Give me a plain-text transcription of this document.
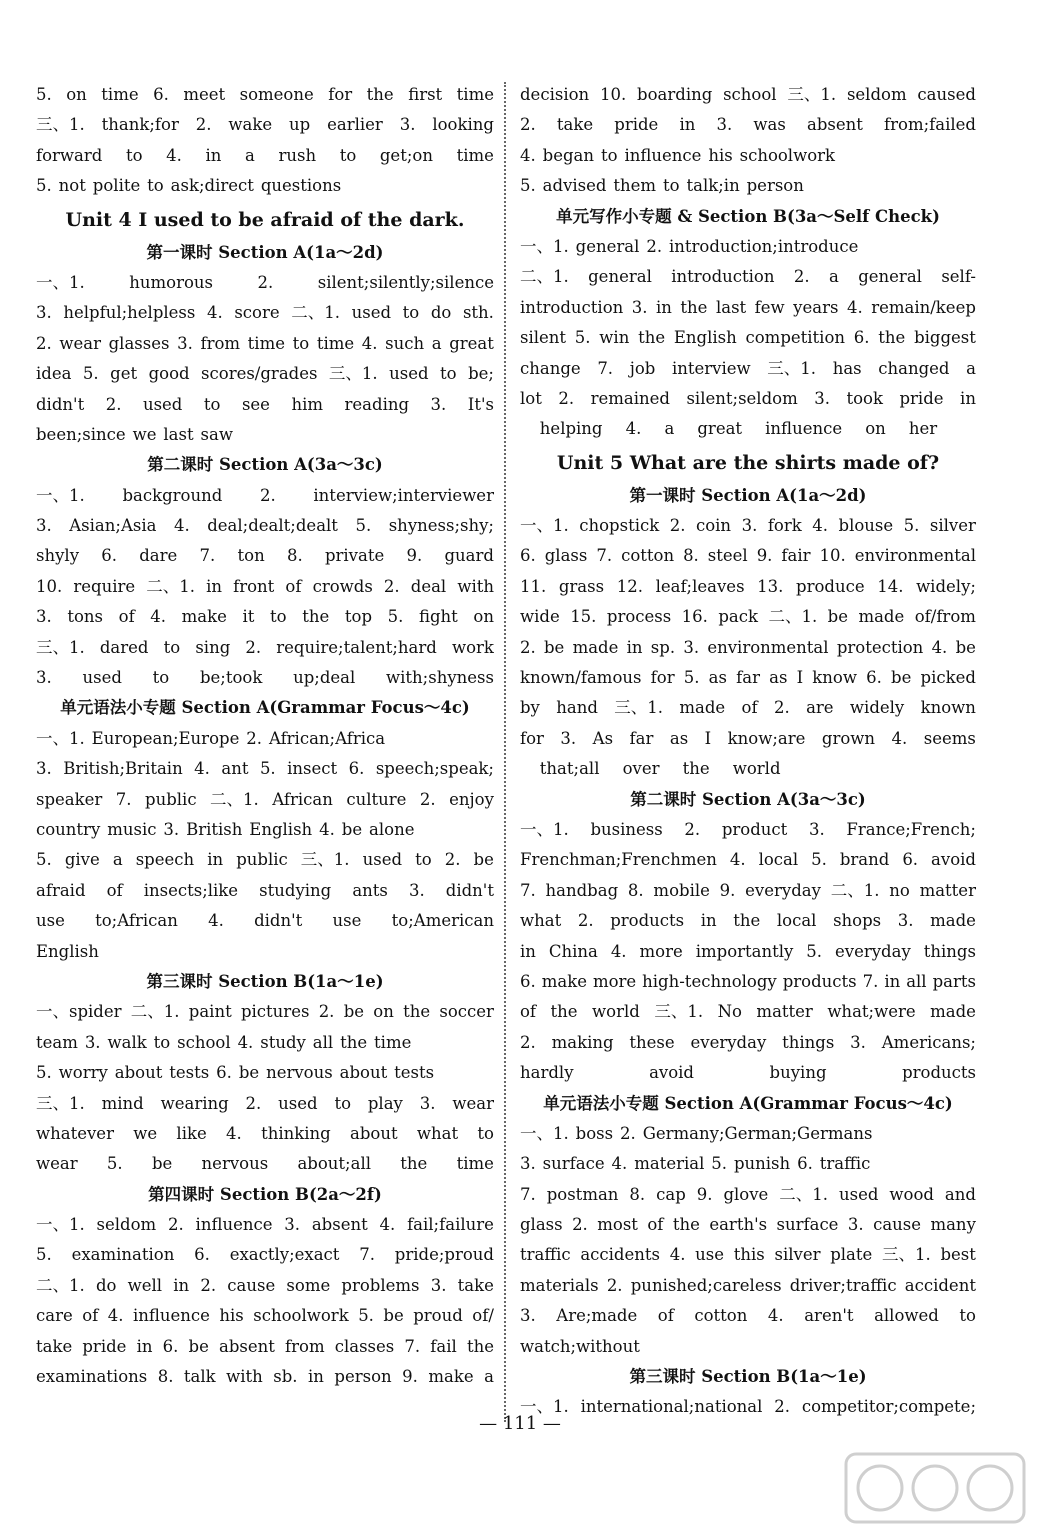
5. on time 6. meet someone for the first time
三、1. thank;for 2. wake up earlier 3. looking
forward to 4. in a rush to get;on time
5. not polite to ask;direct questions
Unit 4 I used to be afraid of the dark.
第一课时 Section A(1a～2d)
一、1.	humorous	2.	silent;silently;silence
3. helpful;helpless 4. score 二、1. used to do sth.
2. wear glasses 3. from time to time 4. such a great
idea 5. get good scores/grades 三、1. used to be;
didn't 2. used to see him reading 3. It's
been;since we last saw
第二课时 Section A(3a～3c)
一、1. background 2. interview;interviewer
3. Asian;Asia 4. deal;dealt;dealt 5. shyness;shy;
shyly 6. dare 7. ton 8. private 9. guard
10. require 二、1. in front of crowds 2. deal with
3. tons of 4. make it to the top 5. fight on
三、1. dared to sing 2. require;talent;hard work
3. used to be;took up;deal with;shyness
单元语法小专题 Section A(Grammar Focus～4c)
一、1. European;Europe 2. African;Africa
3. British;Britain 4. ant 5. insect 6. speech;speak;
speaker 7. public 二、1. African culture 2. enjoy
country music 3. British English 4. be alone
5. give a speech in public 三、1. used to 2. be
afraid of insects;like studying ants 3. didn't
use to;African 4. didn't use to;American
English
第三课时 Section B(1a～1e)
一、spider 二、1. paint pictures 2. be on the soccer
team 3. walk to school 4. study all the time
5. worry about tests 6. be nervous about tests
三、1. mind wearing 2. used to play 3. wear
whatever we like 4. thinking about what to
wear 5. be nervous about;all the time
第四课时 Section B(2a～2f)
一、1. seldom 2. influence 3. absent 4. fail;failure
5. examination 6. exactly;exact 7. pride;proud
二、1. do well in 2. cause some problems 3. take
care of 4. influence his schoolwork 5. be proud of/
take pride in 6. be absent from classes 7. fail the
examinations 8. talk with sb. in person 9. make a
decision 10. boarding school 三、1. seldom caused
2. take pride in 3. was absent from;failed
4. began to influence his schoolwork
5. advised them to talk;in person
单元写作小专题 & Section B(3a～Self Check)
一、1. general 2. introduction;introduce
二、1. general introduction 2. a general self-
introduction 3. in the last few years 4. remain/keep
silent 5. win the English competition 6. the biggest
change 7. job interview 三、1. has changed a
lot 2. remained silent;seldom 3. took pride in
helping 4. a great influence on her
Unit 5 What are the shirts made of?
第一课时 Section A(1a～2d)
一、1. chopstick 2. coin 3. fork 4. blouse 5. silver
6. glass 7. cotton 8. steel 9. fair 10. environmental
11. grass 12. leaf;leaves 13. produce 14. widely;
wide 15. process 16. pack 二、1. be made of/from
2. be made in sp. 3. environmental protection 4. be
known/famous for 5. as far as I know 6. be picked
by hand 三、1. made of 2. are widely known
for 3. As far as I know;are grown 4. seems
that;all over the world
第二课时 Section A(3a～3c)
一、1. business 2. product 3. France;French;
Frenchman;Frenchmen 4. local 5. brand 6. avoid
7. handbag 8. mobile 9. everyday 二、1. no matter
what 2. products in the local shops 3. made
in China 4. more importantly 5. everyday things
6. make more high-technology products 7. in all parts
of the world 三、1. No matter what;were made
2. making these everyday things 3. Americans;
hardly	avoid	buying	products
单元语法小专题 Section A(Grammar Focus～4c)
一、1. boss 2. Germany;German;Germans
3. surface 4. material 5. punish 6. traffic
7. postman 8. cap 9. glove 二、1. used wood and
glass 2. most of the earth's surface 3. cause many
traffic accidents 4. use this silver plate 三、1. best
materials 2. punished;careless driver;traffic accident
3. Are;made of cotton 4. aren't allowed to
watch;without
第三课时 Section B(1a～1e)
一、1. international;national 2. competitor;compete;
— 111 —
